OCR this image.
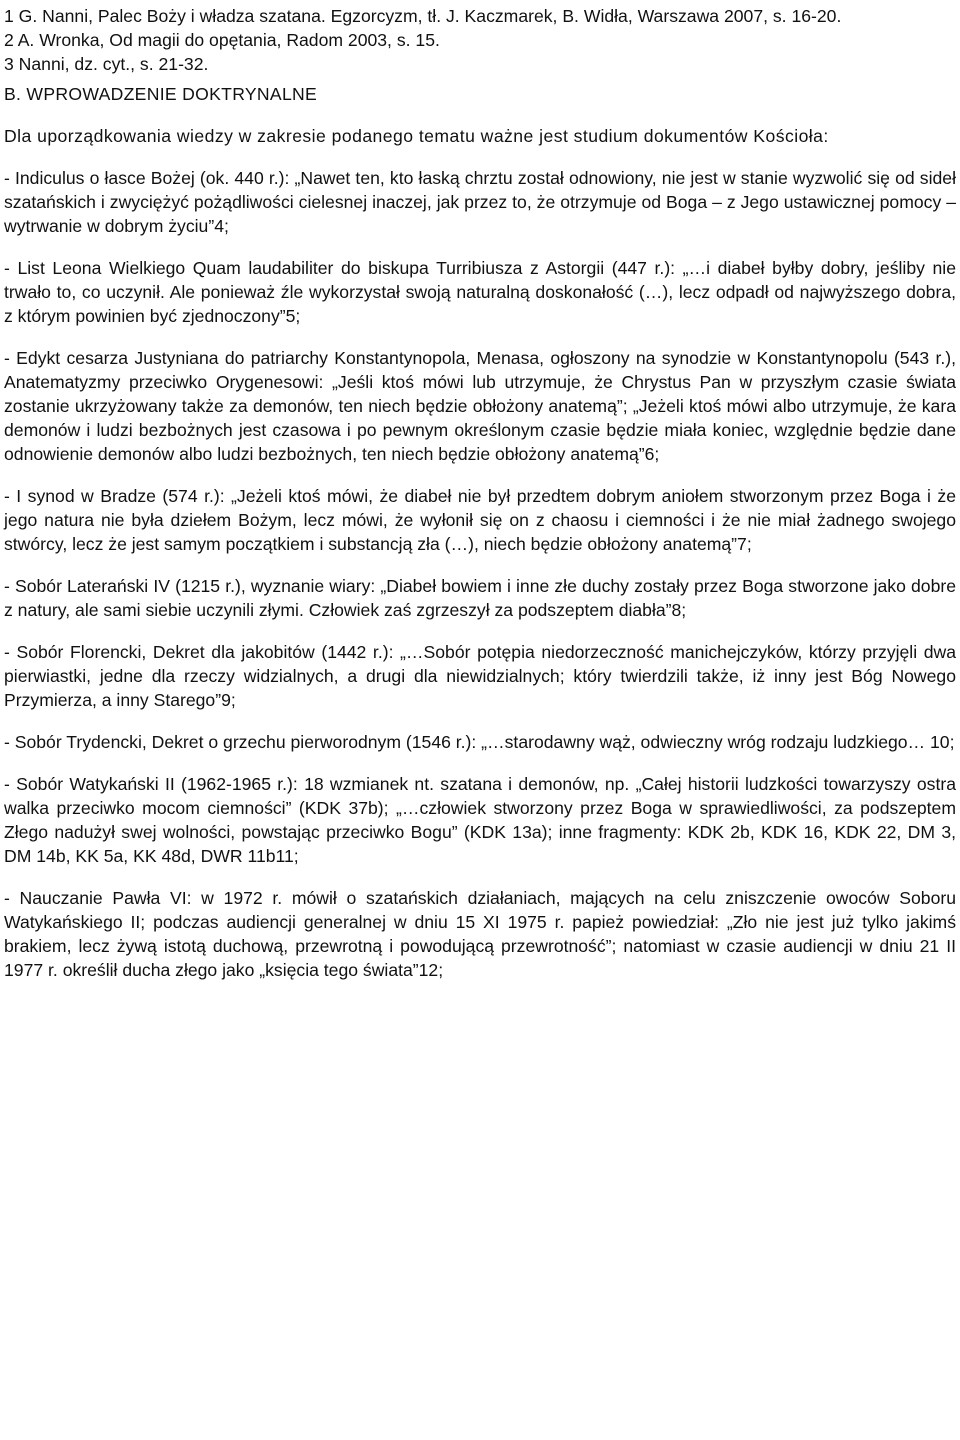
1 G. Nanni, Palec Boży i władza szatana. Egzorcyzm, tł. J. Kaczmarek, B. Widła, Warszawa 2007, s. 16-20.

2 A. Wronka, Od magii do opętania, Radom 2003, s. 15.

3 Nanni, dz. cyt., s. 21-32.

B. WPROWADZENIE DOKTRYNALNE

Dla uporządkowania wiedzy w zakresie podanego tematu ważne jest studium dokumentów Kościoła:

- Indiculus o łasce Bożej (ok. 440 r.): „Nawet ten, kto łaską chrztu został odnowiony, nie jest w stanie wyzwolić się od sideł szatańskich i zwyciężyć pożądliwości cielesnej inaczej, jak przez to, że otrzymuje od Boga – z Jego ustawicznej pomocy – wytrwanie w dobrym życiu”4;

- List Leona Wielkiego Quam laudabiliter do biskupa Turribiusza z Astorgii (447 r.): „…i diabeł byłby dobry, jeśliby nie trwało to, co uczynił. Ale ponieważ źle wykorzystał swoją naturalną doskonałość (…), lecz odpadł od najwyższego dobra, z którym powinien być zjednoczony”5;

- Edykt cesarza Justyniana do patriarchy Konstantynopola, Menasa, ogłoszony na synodzie w Konstantynopolu (543 r.), Anatematyzmy przeciwko Orygenesowi: „Jeśli ktoś mówi lub utrzymuje, że Chrystus Pan w przyszłym czasie świata zostanie ukrzyżowany także za demonów, ten niech będzie obłożony anatemą”; „Jeżeli ktoś mówi albo utrzymuje, że kara demonów i ludzi bezbożnych jest czasowa i po pewnym określonym czasie będzie miała koniec, względnie będzie dane odnowienie demonów albo ludzi bezbożnych, ten niech będzie obłożony anatemą”6;

- I synod w Bradze (574 r.): „Jeżeli ktoś mówi, że diabeł nie był przedtem dobrym aniołem stworzonym przez Boga i że jego natura nie była dziełem Bożym, lecz mówi, że wyłonił się on z chaosu i ciemności i że nie miał żadnego swojego stwórcy, lecz że jest samym początkiem i substancją zła (…), niech będzie obłożony anatemą”7;

- Sobór Laterański IV (1215 r.), wyznanie wiary: „Diabeł bowiem i inne złe duchy zostały przez Boga stworzone jako dobre z natury, ale sami siebie uczynili złymi. Człowiek zaś zgrzeszył za podszeptem diabła”8;

- Sobór Florencki, Dekret dla jakobitów (1442 r.): „…Sobór potępia niedorzeczność manichejczyków, którzy przyjęli dwa pierwiastki, jedne dla rzeczy widzialnych, a drugi dla niewidzialnych; który twierdzili także, iż inny jest Bóg Nowego Przymierza, a inny Starego”9;

- Sobór Trydencki, Dekret o grzechu pierworodnym (1546 r.): „…starodawny wąż, odwieczny wróg rodzaju ludzkiego… 10;

- Sobór Watykański II (1962-1965 r.): 18 wzmianek nt. szatana i demonów, np. „Całej historii ludzkości towarzyszy ostra walka przeciwko mocom ciemności” (KDK 37b); „…człowiek stworzony przez Boga w sprawiedliwości, za podszeptem Złego nadużył swej wolności, powstając przeciwko Bogu” (KDK 13a); inne fragmenty: KDK 2b, KDK 16, KDK 22, DM 3, DM 14b, KK 5a, KK 48d, DWR 11b11;

- Nauczanie Pawła VI: w 1972 r. mówił o szatańskich działaniach, mających na celu zniszczenie owoców Soboru Watykańskiego II; podczas audiencji generalnej w dniu 15 XI 1975 r. papież powiedział: „Zło nie jest już tylko jakimś brakiem, lecz żywą istotą duchową, przewrotną i powodującą przewrotność”; natomiast w czasie audiencji w dniu 21 II 1977 r. określił ducha złego jako „księcia tego świata”12;
